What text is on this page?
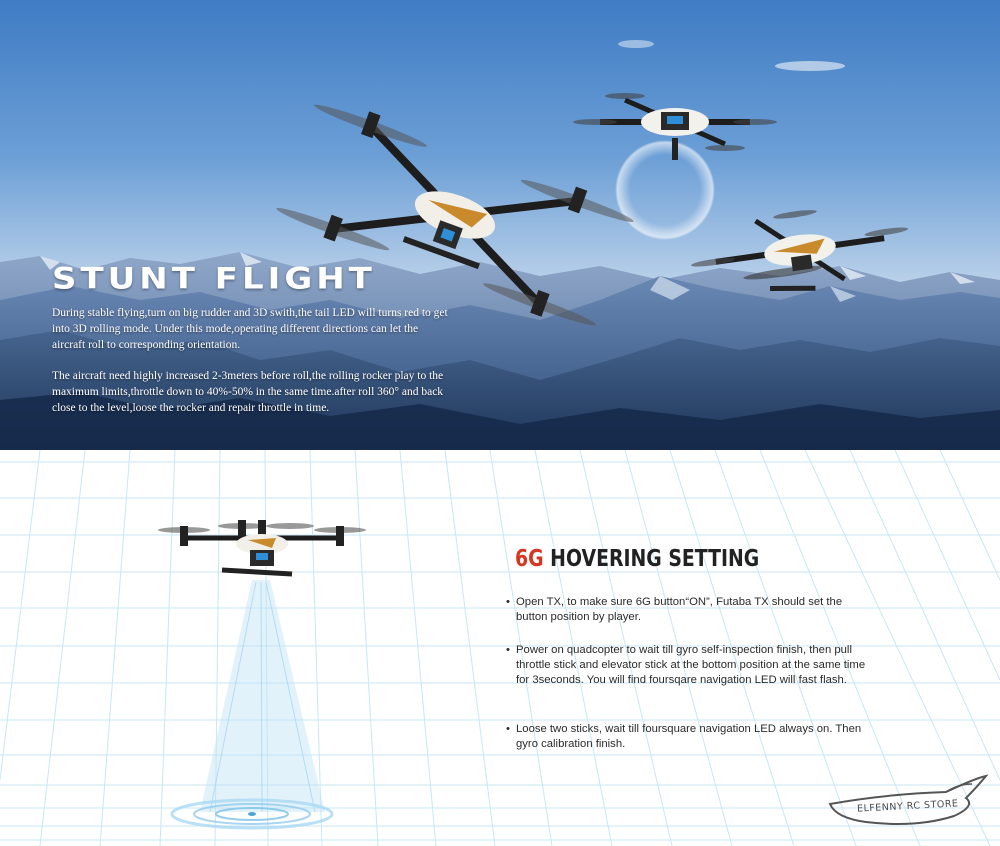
STUNT FLIGHT

During stable flying,turn on big rudder and 3D swith,the tail LED will turns red to get into 3D rolling mode. Under this mode,operating different directions can let the aircraft roll to corresponding orientation.

The aircraft need highly increased 2-3meters before roll,the rolling rocker play to the maximum limits,throttle down to 40%-50% in the same time.after roll 360° and back close to the level,loose the rocker and repair throttle in time.

6G HOVERING SETTING
• Open TX, to make sure 6G button“ON”, Futaba TX should set the button position by player.
• Power on quadcopter to wait till gyro self-inspection finish, then pull throttle stick and elevator stick at the bottom position at the same time for 3seconds. You will find foursqare navigation LED will fast flash.
• Loose two sticks, wait till foursquare navigation LED always on. Then gyro calibration finish.
ELFENNY RC STORE
